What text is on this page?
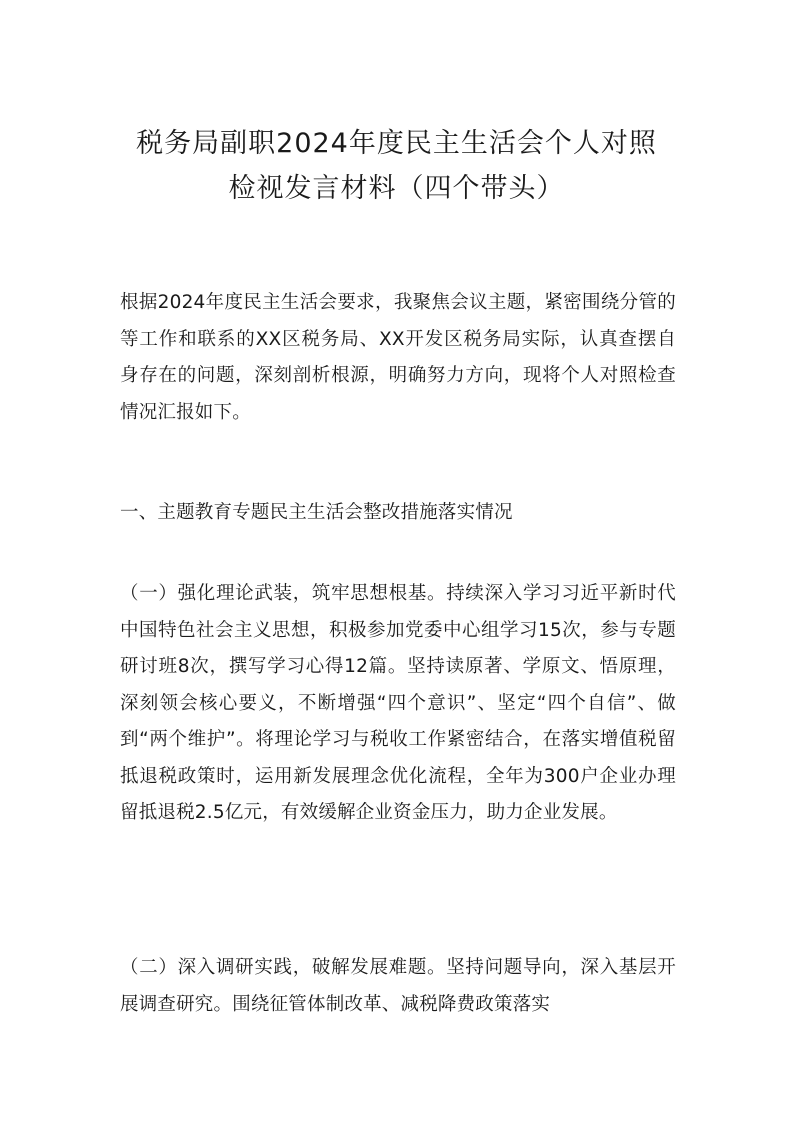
税务局副职2024年度民主生活会个人对照
检视发言材料（四个带头）

根据2024年度民主生活会要求，我聚焦会议主题，紧密围绕分管的等工作和联系的XX区税务局、XX开发区税务局实际，认真查摆自身存在的问题，深刻剖析根源，明确努力方向，现将个人对照检查情况汇报如下。

一、主题教育专题民主生活会整改措施落实情况

（一）强化理论武装，筑牢思想根基。持续深入学习习近平新时代中国特色社会主义思想，积极参加党委中心组学习15次，参与专题研讨班8次，撰写学习心得12篇。坚持读原著、学原文、悟原理，深刻领会核心要义，不断增强“四个意识”、坚定“四个自信”、做到“两个维护”。将理论学习与税收工作紧密结合，在落实增值税留抵退税政策时，运用新发展理念优化流程，全年为300户企业办理留抵退税2.5亿元，有效缓解企业资金压力，助力企业发展。

（二）深入调研实践，破解发展难题。坚持问题导向，深入基层开展调查研究。围绕征管体制改革、减税降费政策落实
